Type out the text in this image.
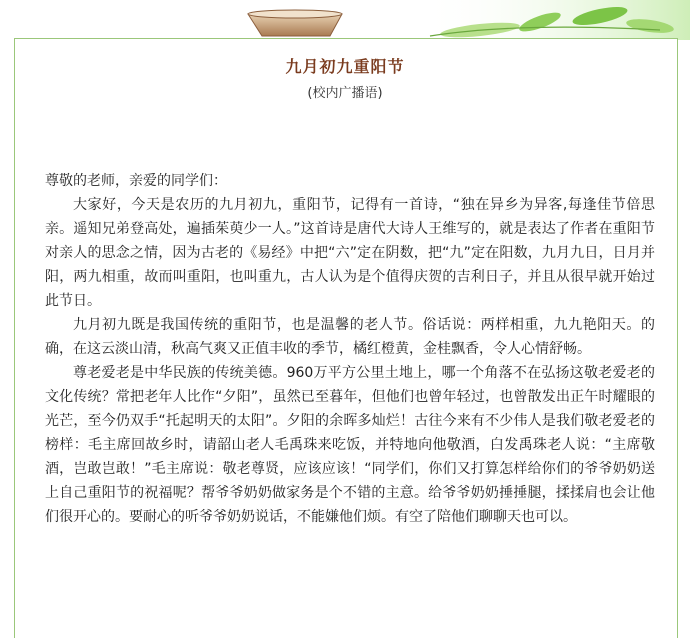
九月初九重阳节
(校内广播语)

尊敬的老师，亲爱的同学们：

大家好，今天是农历的九月初九，重阳节，记得有一首诗，“独在异乡为异客,每逢佳节倍思亲。遥知兄弟登高处，遍插茱萸少一人。”这首诗是唐代大诗人王维写的，就是表达了作者在重阳节对亲人的思念之情，因为古老的《易经》中把“六”定在阴数，把“九”定在阳数，九月九日，日月并阳，两九相重，故而叫重阳，也叫重九，古人认为是个值得庆贺的吉利日子，并且从很早就开始过此节日。

九月初九既是我国传统的重阳节，也是温馨的老人节。俗话说：两样相重，九九艳阳天。的确，在这云淡山清，秋高气爽又正值丰收的季节，橘红橙黄，金桂飘香，令人心情舒畅。

尊老爱老是中华民族的传统美德。960万平方公里土地上，哪一个角落不在弘扬这敬老爱老的文化传统？常把老年人比作“夕阳”，虽然已至暮年，但他们也曾年轻过，也曾散发出正午时耀眼的光芒，至今仍双手“托起明天的太阳”。夕阳的余晖多灿烂！古往今来有不少伟人是我们敬老爱老的榜样：毛主席回故乡时，请韶山老人毛禹珠来吃饭，并特地向他敬酒，白发禹珠老人说：“主席敬酒，岂敢岂敢！”毛主席说：敬老尊贤，应该应该！“同学们，你们又打算怎样给你们的爷爷奶奶送上自己重阳节的祝福呢？帮爷爷奶奶做家务是个不错的主意。给爷爷奶奶捶捶腿，揉揉肩也会让他们很开心的。要耐心的听爷爷奶奶说话，不能嫌他们烦。有空了陪他们聊聊天也可以。
